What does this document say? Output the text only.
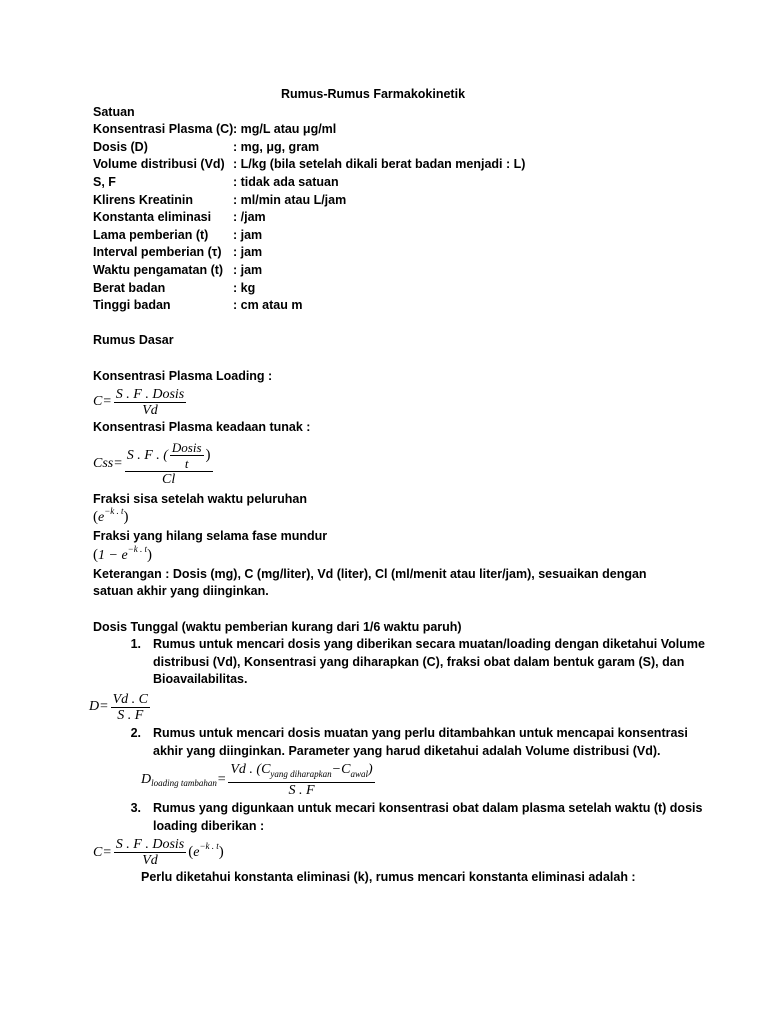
Rumus-Rumus Farmakokinetik
Satuan
Konsentrasi Plasma (C) : mg/L atau μg/ml
Dosis (D)	: mg, μg, gram
Volume distribusi (Vd) : L/kg (bila setelah dikali berat badan menjadi : L)
S, F	: tidak ada satuan
Klirens Kreatinin	: ml/min atau L/jam
Konstanta eliminasi	: /jam
Lama pemberian (t)	: jam
Interval pemberian (τ) : jam
Waktu pengamatan (t) : jam
Berat badan	: kg
Tinggi badan	: cm atau m
Rumus Dasar
Konsentrasi Plasma Loading :
$C = \frac{\text{S . F . Dosis}}{Vd}$
Konsentrasi Plasma keadaan tunak :
Css =
S . F . ( $\frac{\text{Dosis}}{t}$ )
Cl
Fraksi sisa setelah waktu peluruhan
( $e^{-k . t}$ )
Fraksi yang hilang selama fase mundur
( $1 - e^{-k . t}$ )
Keterangan : Dosis (mg), C (mg/liter), Vd (liter), Cl (ml/menit atau liter/jam), sesuaikan dengan
satuan akhir yang diinginkan.
Dosis Tunggal (waktu pemberian kurang dari 1/6 waktu paruh)
1. Rumus untuk mencari dosis yang diberikan secara muatan/loading dengan diketahui Volume
distribusi (Vd), Konsentrasi yang diharapkan (C), fraksi obat dalam bentuk garam (S), dan
Bioavailabilitas.
$D = \frac{Vd . C}{S . F}$
2. Rumus untuk mencari dosis muatan yang perlu ditambahkan untuk mencapai konsentrasi
akhir yang diinginkan. Parameter yang harud diketahui adalah Volume distribusi (Vd).
$D_{loading tambahan} = \frac{Vd . (C_{yang diharapkan}-C_{awal})}{S . F}$
3. Rumus yang digunkaan untuk mecari konsentrasi obat dalam plasma setelah waktu (t) dosis
loading diberikan :
$C = \frac{\text{S . F . Dosis}}{Vd}$ ( $e^{-k . t}$ )
Perlu diketahui konstanta eliminasi (k), rumus mencari konstanta eliminasi adalah :
